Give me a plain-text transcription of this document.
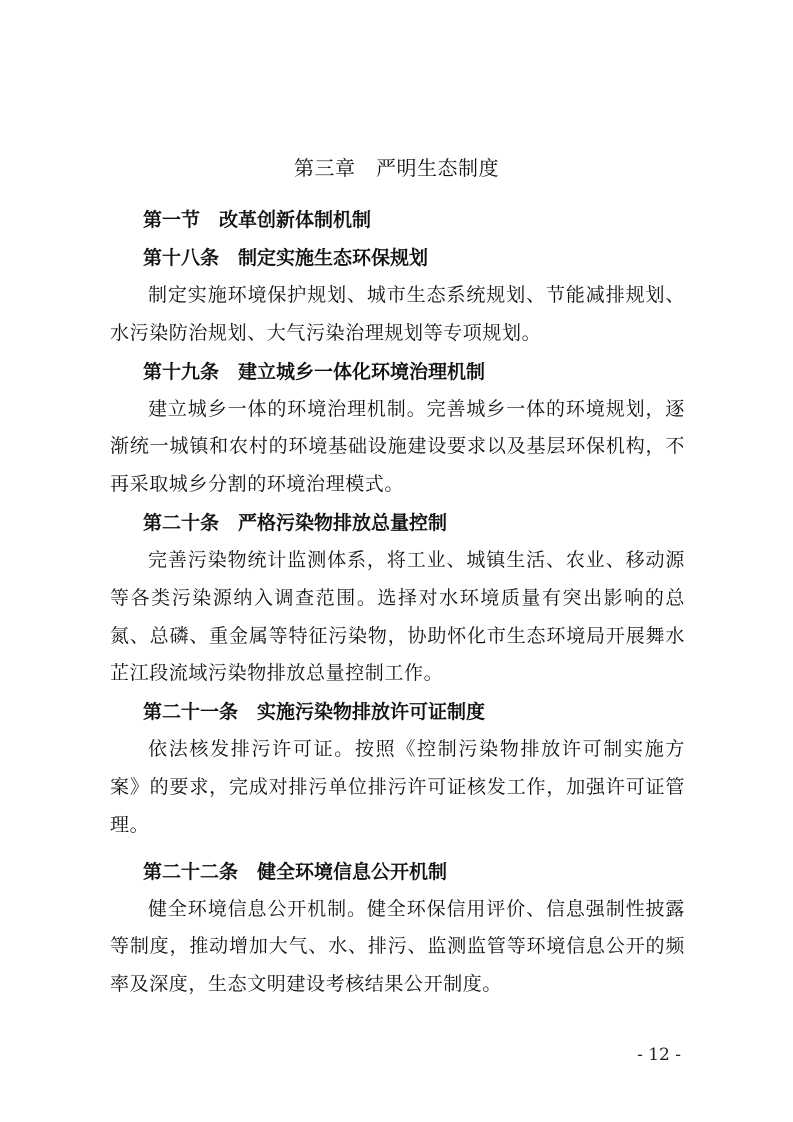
第三章　严明生态制度
第一节　改革创新体制机制
第十八条　制定实施生态环保规划

制定实施环境保护规划、城市生态系统规划、节能减排规划、水污染防治规划、大气污染治理规划等专项规划。

第十九条　建立城乡一体化环境治理机制

建立城乡一体的环境治理机制。完善城乡一体的环境规划，逐渐统一城镇和农村的环境基础设施建设要求以及基层环保机构，不再采取城乡分割的环境治理模式。

第二十条　严格污染物排放总量控制

完善污染物统计监测体系，将工业、城镇生活、农业、移动源等各类污染源纳入调查范围。选择对水环境质量有突出影响的总氮、总磷、重金属等特征污染物，协助怀化市生态环境局开展舞水芷江段流域污染物排放总量控制工作。

第二十一条　实施污染物排放许可证制度

依法核发排污许可证。按照《控制污染物排放许可制实施方案》的要求，完成对排污单位排污许可证核发工作，加强许可证管理。

第二十二条　健全环境信息公开机制

健全环境信息公开机制。健全环保信用评价、信息强制性披露等制度，推动增加大气、水、排污、监测监管等环境信息公开的频率及深度，生态文明建设考核结果公开制度。

- 12 -
